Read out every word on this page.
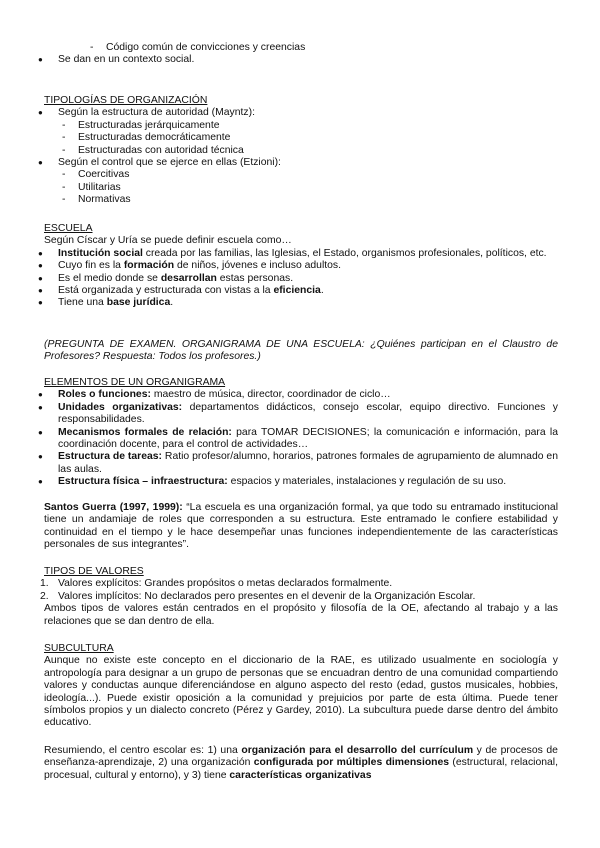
- Código común de convicciones y creencias

● Se dan en un contexto social.

TIPOLOGÍAS DE ORGANIZACIÓN

● Según la estructura de autoridad (Mayntz):

- Estructuradas jerárquicamente

- Estructuradas democráticamente

- Estructuradas con autoridad técnica

● Según el control que se ejerce en ellas (Etzioni):

- Coercitivas

- Utilitarias

- Normativas

ESCUELA

Según Císcar y Uría se puede definir escuela como…

● Institución social creada por las familias, las Iglesias, el Estado, organismos profesionales, políticos, etc.

● Cuyo fin es la formación de niños, jóvenes e incluso adultos.

● Es el medio donde se desarrollan estas personas.

● Está organizada y estructurada con vistas a la eficiencia.

● Tiene una base jurídica.

(PREGUNTA DE EXAMEN. ORGANIGRAMA DE UNA ESCUELA: ¿Quiénes participan en el Claustro de Profesores? Respuesta: Todos los profesores.)

ELEMENTOS DE UN ORGANIGRAMA

● Roles o funciones: maestro de música, director, coordinador de ciclo…

● Unidades organizativas: departamentos didácticos, consejo escolar, equipo directivo. Funciones y responsabilidades.

● Mecanismos formales de relación: para TOMAR DECISIONES; la comunicación e información, para la coordinación docente, para el control de actividades…

● Estructura de tareas: Ratio profesor/alumno, horarios, patrones formales de agrupamiento de alumnado en las aulas.

● Estructura física – infraestructura: espacios y materiales, instalaciones y regulación de su uso.

Santos Guerra (1997, 1999): “La escuela es una organización formal, ya que todo su entramado institucional tiene un andamiaje de roles que corresponden a su estructura. Este entramado le confiere estabilidad y continuidad en el tiempo y le hace desempeñar unas funciones independientemente de las características personales de sus integrantes”.

TIPOS DE VALORES

1. Valores explícitos: Grandes propósitos o metas declarados formalmente.

2. Valores implícitos: No declarados pero presentes en el devenir de la Organización Escolar.

Ambos tipos de valores están centrados en el propósito y filosofía de la OE, afectando al trabajo y a las relaciones que se dan dentro de ella.

SUBCULTURA

Aunque no existe este concepto en el diccionario de la RAE, es utilizado usualmente en sociología y antropología para designar a un grupo de personas que se encuadran dentro de una comunidad compartiendo valores y conductas aunque diferenciándose en alguno aspecto del resto (edad, gustos musicales, hobbies, ideología...). Puede existir oposición a la comunidad y prejuicios por parte de esta última. Puede tener símbolos propios y un dialecto concreto (Pérez y Gardey, 2010). La subcultura puede darse dentro del ámbito educativo.

Resumiendo, el centro escolar es: 1) una organización para el desarrollo del currículum y de procesos de enseñanza-aprendizaje, 2) una organización configurada por múltiples dimensiones (estructural, relacional, procesual, cultural y entorno), y 3) tiene características organizativas
